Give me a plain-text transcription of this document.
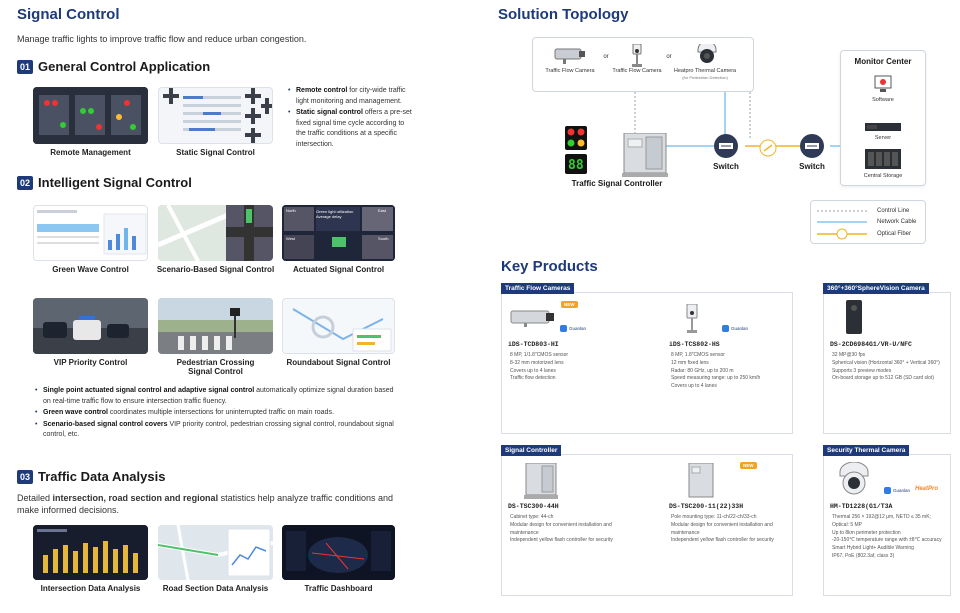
Signal Control
Manage traffic lights to improve traffic flow and reduce urban congestion.
01 General Control Application
Remote Management	Static Signal Control
• Remote control for city-wide traffic light monitoring and management.
• Static signal control offers a pre-set fixed signal time cycle according to the traffic conditions at a specific intersection.
02 Intelligent Signal Control
Green Wave Control	Scenario-Based Signal Control
Green light utilization
Average delay
North	East
West	South
Actuated Signal Control
VIP Priority Control	Pedestrian Crossing Signal Control
Roundabout Signal Control
• Single point actuated signal control and adaptive signal control automatically optimize signal duration based on real-time traffic flow to ensure intersection traffic fluency.
• Green wave control coordinates multiple intersections for uninterrupted traffic on main roads.
• Scenario-based signal control covers VIP priority control, pedestrian crossing signal control, roundabout signal control, etc.
03 Traffic Data Analysis
Detailed intersection, road section and regional statistics help analyze traffic conditions and make informed decisions.
Intersection Data Analysis	Road Section Data Analysis	Traffic Dashboard
Solution Topology
Traffic Flow Camera
or
Traffic Flow Camera
or
Heatpro Thermal Camera
(for Pedestrian Detection)
88
Traffic Signal Controller
Switch	Switch
Monitor Center
Software
Server
Central Storage
Control Line
Network Cable
Optical Fiber
Key Products
Traffic Flow Cameras
NEW
Guanlan
iDS-TCD803-HI
8 MP, 1/1.8"CMOS sensor
8-32 mm motorized lens
Covers up to 4 lanes
Traffic flow detection
Guanlan
iDS-TCS802-HS
8 MP, 1.8"CMOS sensor
12 mm fixed lens
Radar: 80 GHz, up to 200 m
Speed measuring range: up to 250 km/h
Covers up to 4 lanes
360°+360°SphereVision Camera
DS-2CD6984G1/VR-U/NFC
32 MP@30 fps
Spherical vision (Horizontal 360° + Vertical 360°)
Supports 3 preview modes
On-board storage up to 512 GB (SD card slot)
Signal Controller
DS-TSC300-44H
Cabinet type: 44-ch
Modular design for convenient installation and maintenance
Independent yellow flash controller for security
NEW
DS-TSC200-11(22)33H
Pole mounting type: 11-ch/22-ch/33-ch
Modular design for convenient installation and maintenance
Independent yellow flash controller for security
Security Thermal Camera
Guanlan HeatPro
HM-TD1228(G1/T3A
Thermal 256 × 192@12 μm, NETD ≤ 35 mK; Optical: 5 MP
Up to 8km perimeter protection
-20-150℃ temperature range with ±8℃ accuracy
Smart Hybrid Light+ Audible Warning
IP67, PoE (802.3af, class 3)
